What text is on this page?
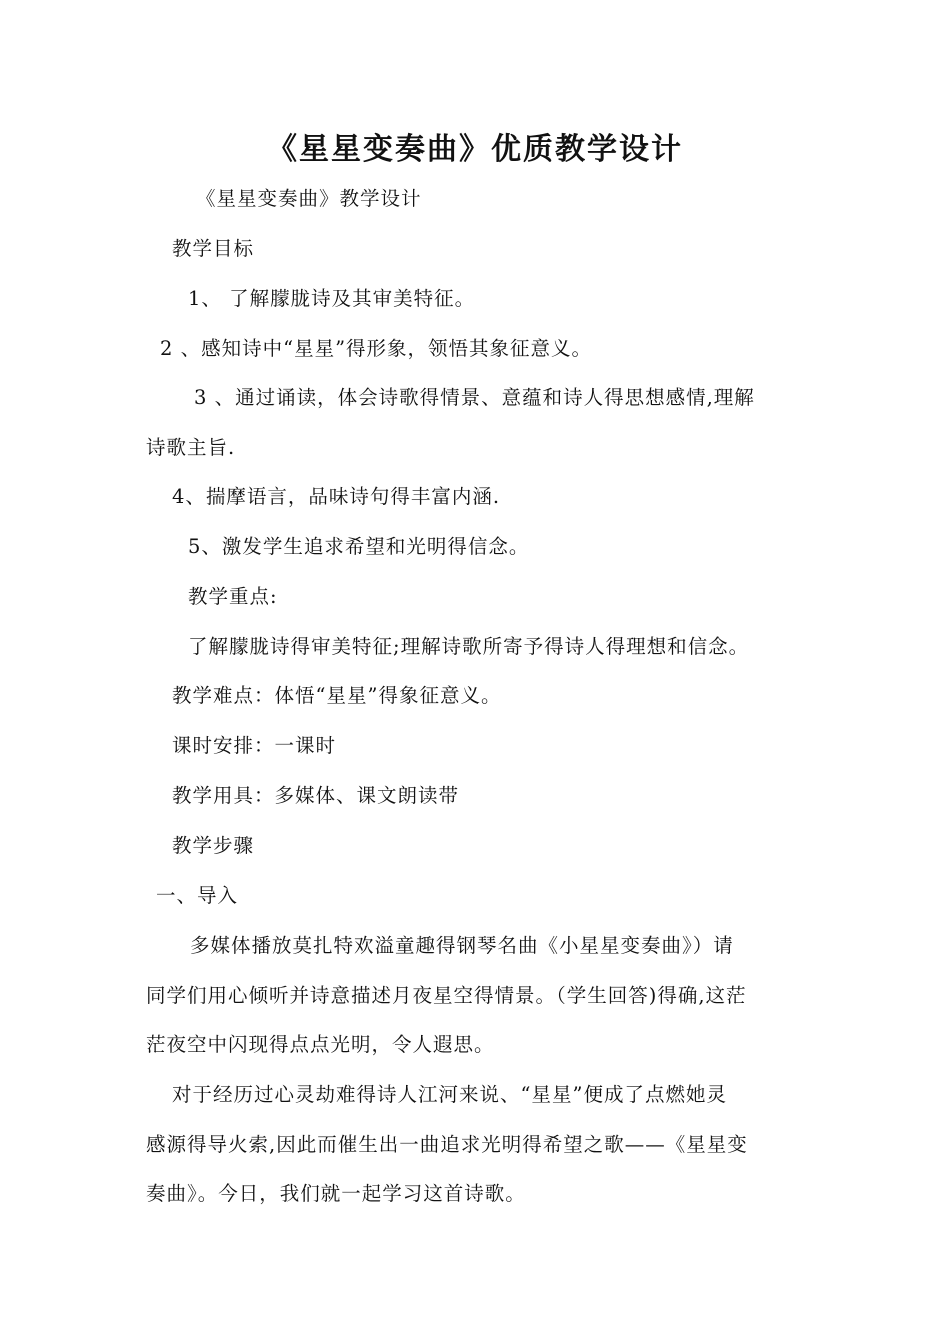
《星星变奏曲》优质教学设计
《星星变奏曲》教学设计
教学目标
1、 了解朦胧诗及其审美特征。
2 、感知诗中“星星”得形象，领悟其象征意义。
3 、通过诵读，体会诗歌得情景、意蕴和诗人得思想感情,理解
诗歌主旨.
4、揣摩语言，品味诗句得丰富内涵.
5、激发学生追求希望和光明得信念。
教学重点:
了解朦胧诗得审美特征;理解诗歌所寄予得诗人得理想和信念。
教学难点：体悟“星星”得象征意义。
课时安排：一课时
教学用具：多媒体、课文朗读带
教学步骤
一、导入
多媒体播放莫扎特欢溢童趣得钢琴名曲《小星星变奏曲》）请
同学们用心倾听并诗意描述月夜星空得情景。（学生回答)得确,这茫
茫夜空中闪现得点点光明，令人遐思。
对于经历过心灵劫难得诗人江河来说、“星星”便成了点燃她灵
感源得导火索,因此而催生出一曲追求光明得希望之歌——《星星变
奏曲》。今日，我们就一起学习这首诗歌。
